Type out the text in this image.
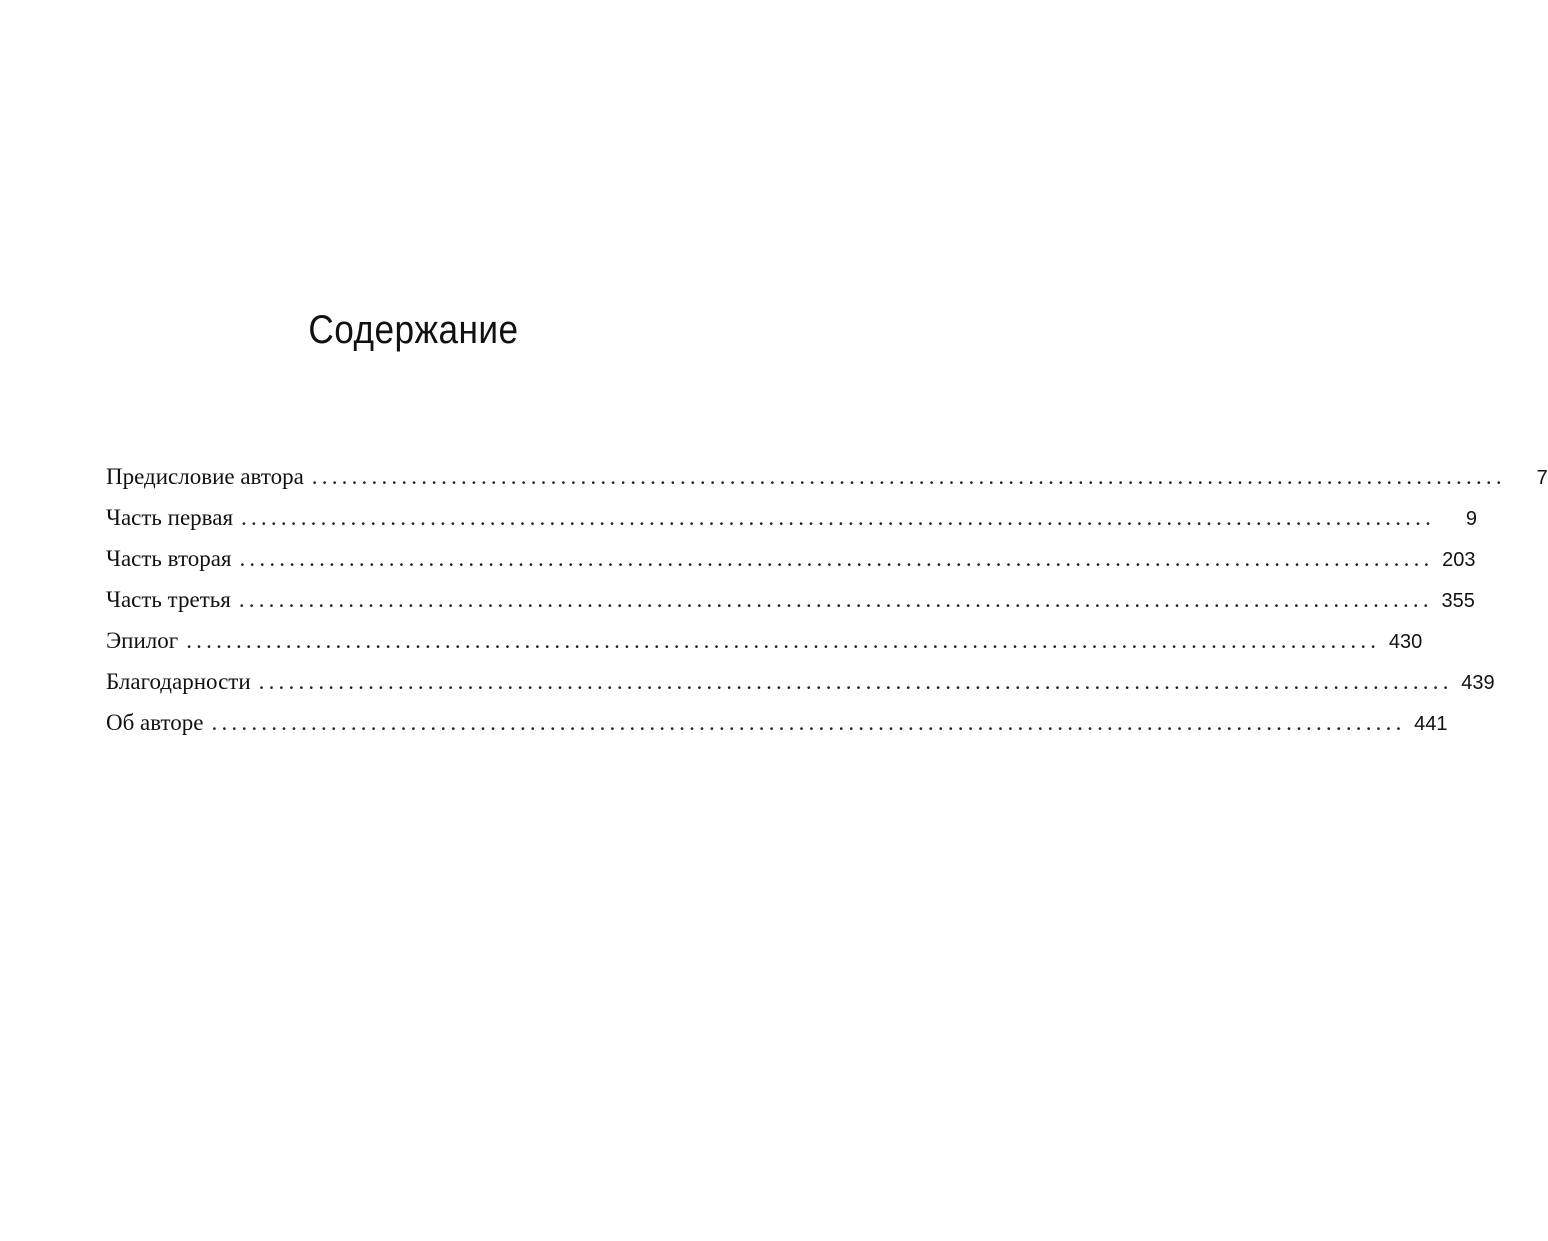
Содержание
Предисловие автора ........................................................................................................................	7
Часть первая ........................................................................................................................	9
Часть вторая ........................................................................................................................ 203
Часть третья ........................................................................................................................ 355
Эпилог ........................................................................................................................ 430
Благодарности ........................................................................................................................ 439
Об авторе ........................................................................................................................ 441
